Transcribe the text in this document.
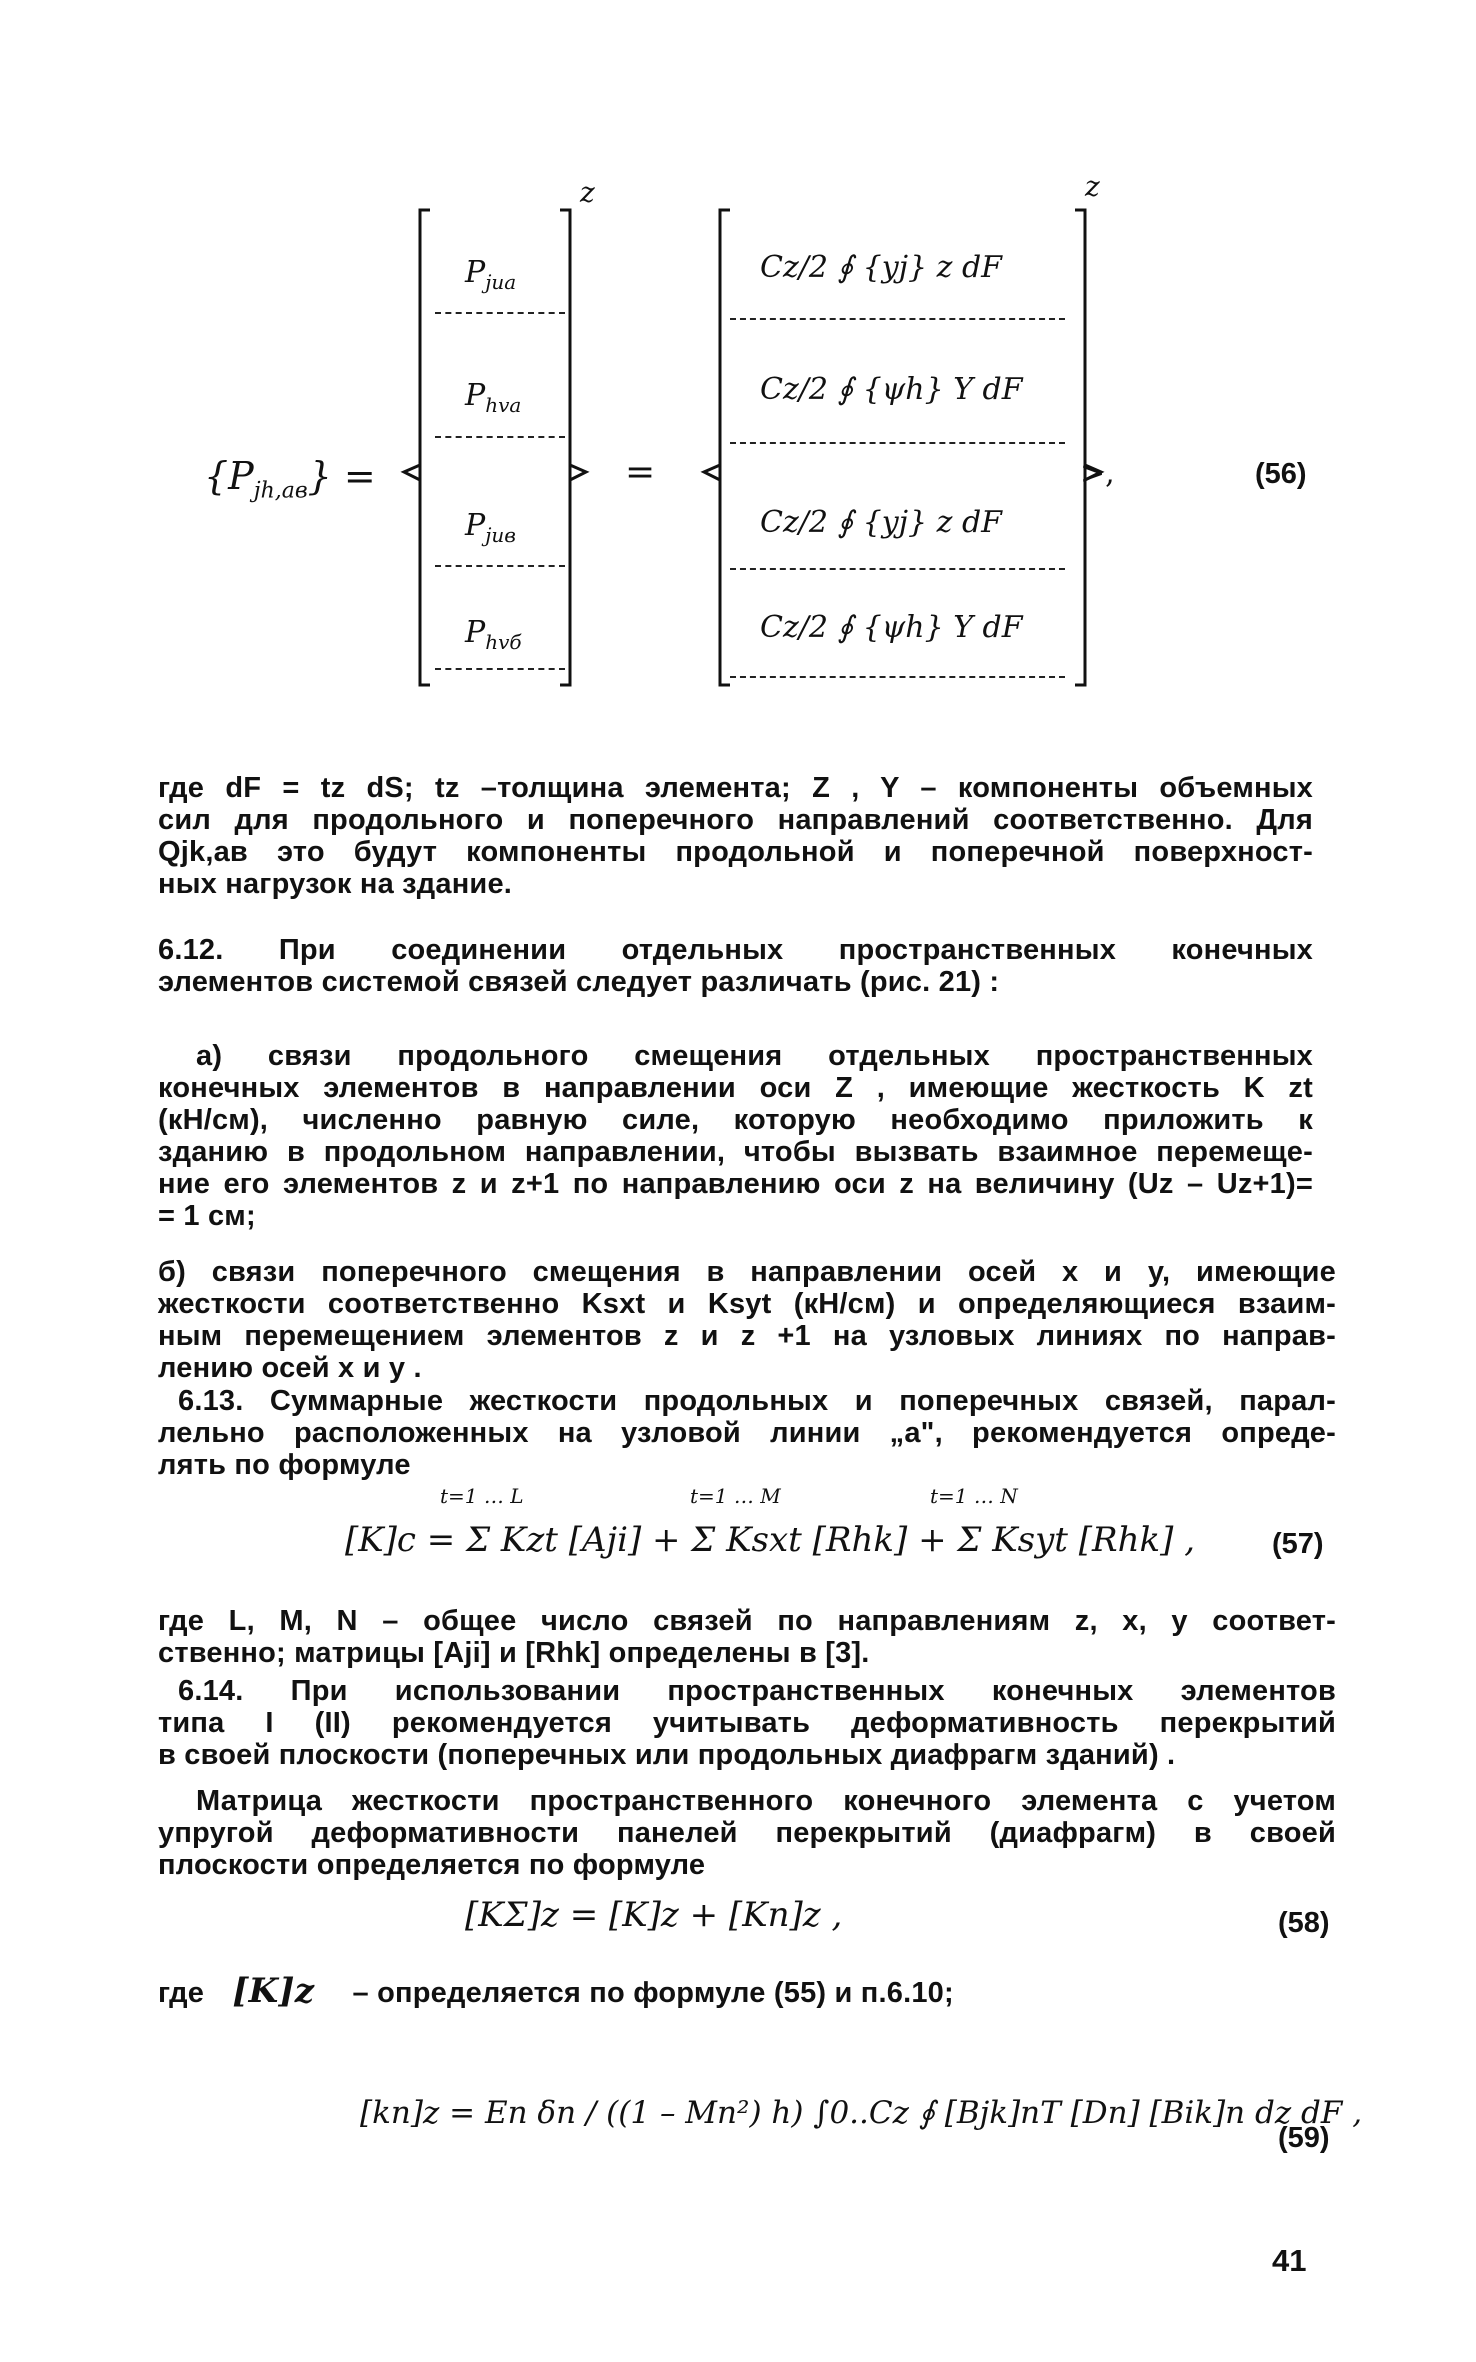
$\{P_{jh,ав}\}$ =
z
$P_{jua}$
$P_{hva}$
$P_{jив}$
$P_{hvб}$
=
z
Cz/2 ∮ {yj} z dF
Cz/2 ∮ {ψh} Y dF
Cz/2 ∮ {yj} z dF
Cz/2 ∮ {ψh} Y dF
>,	(56)
где dF = tz dS; tz –толщина элемента; Z , Y – компоненты объемных
сил для продольного и поперечного направлений соответственно. Для
Qjk,aв это будут компоненты продольной и поперечной поверхност-
ных нагрузок на здание.
6.12. При соединении отдельных пространственных конечных
элементов системой связей следует различать (рис. 21) :
а) связи продольного смещения отдельных пространственных
конечных элементов в направлении оси Z , имеющие жесткость K zt
(кН/см), численно равную силе, которую необходимо приложить к
зданию в продольном направлении, чтобы вызвать взаимное перемеще-
ние его элементов z и z+1 по направлению оси z на величину (Uz – Uz+1)=
= 1 см;
б) связи поперечного смещения в направлении осей x и y, имеющие
жесткости соответственно Ksxt и Ksyt (кН/см) и определяющиеся взаим-
ным перемещением элементов z и z +1 на узловых линиях по направ-
лению осей x и y .
6.13. Суммарные жесткости продольных и поперечных связей, парал-
лельно расположенных на узловой линии „a", рекомендуется опреде-
лять по формуле
[K]c = Σ Kzt [Aji] + Σ Ksxt [Rhk] + Σ Ksyt [Rhk] ,
t=1 … L	t=1 … M	t=1 … N
(57)
где L, M, N – общее число связей по направлениям z, x, y соответ-
ственно; матрицы [Aji] и [Rhk] определены в [3].
6.14. При использовании пространственных конечных элементов
типа I (II) рекомендуется учитывать деформативность перекрытий
в своей плоскости (поперечных или продольных диафрагм зданий) .
Матрица жесткости пространственного конечного элемента с учетом
упругой деформативности панелей перекрытий (диафрагм) в своей
плоскости определяется по формуле
[KΣ]z = [K]z + [Kп]z ,	(58)
где [K]z – определяется по формуле (55) и п.6.10;
[kп]z = Eп δп / ((1 – Mп²) h) ∫0..Cz ∮ [Bjk]пT [Dп] [Bik]п dz dF ,
(59)
41
